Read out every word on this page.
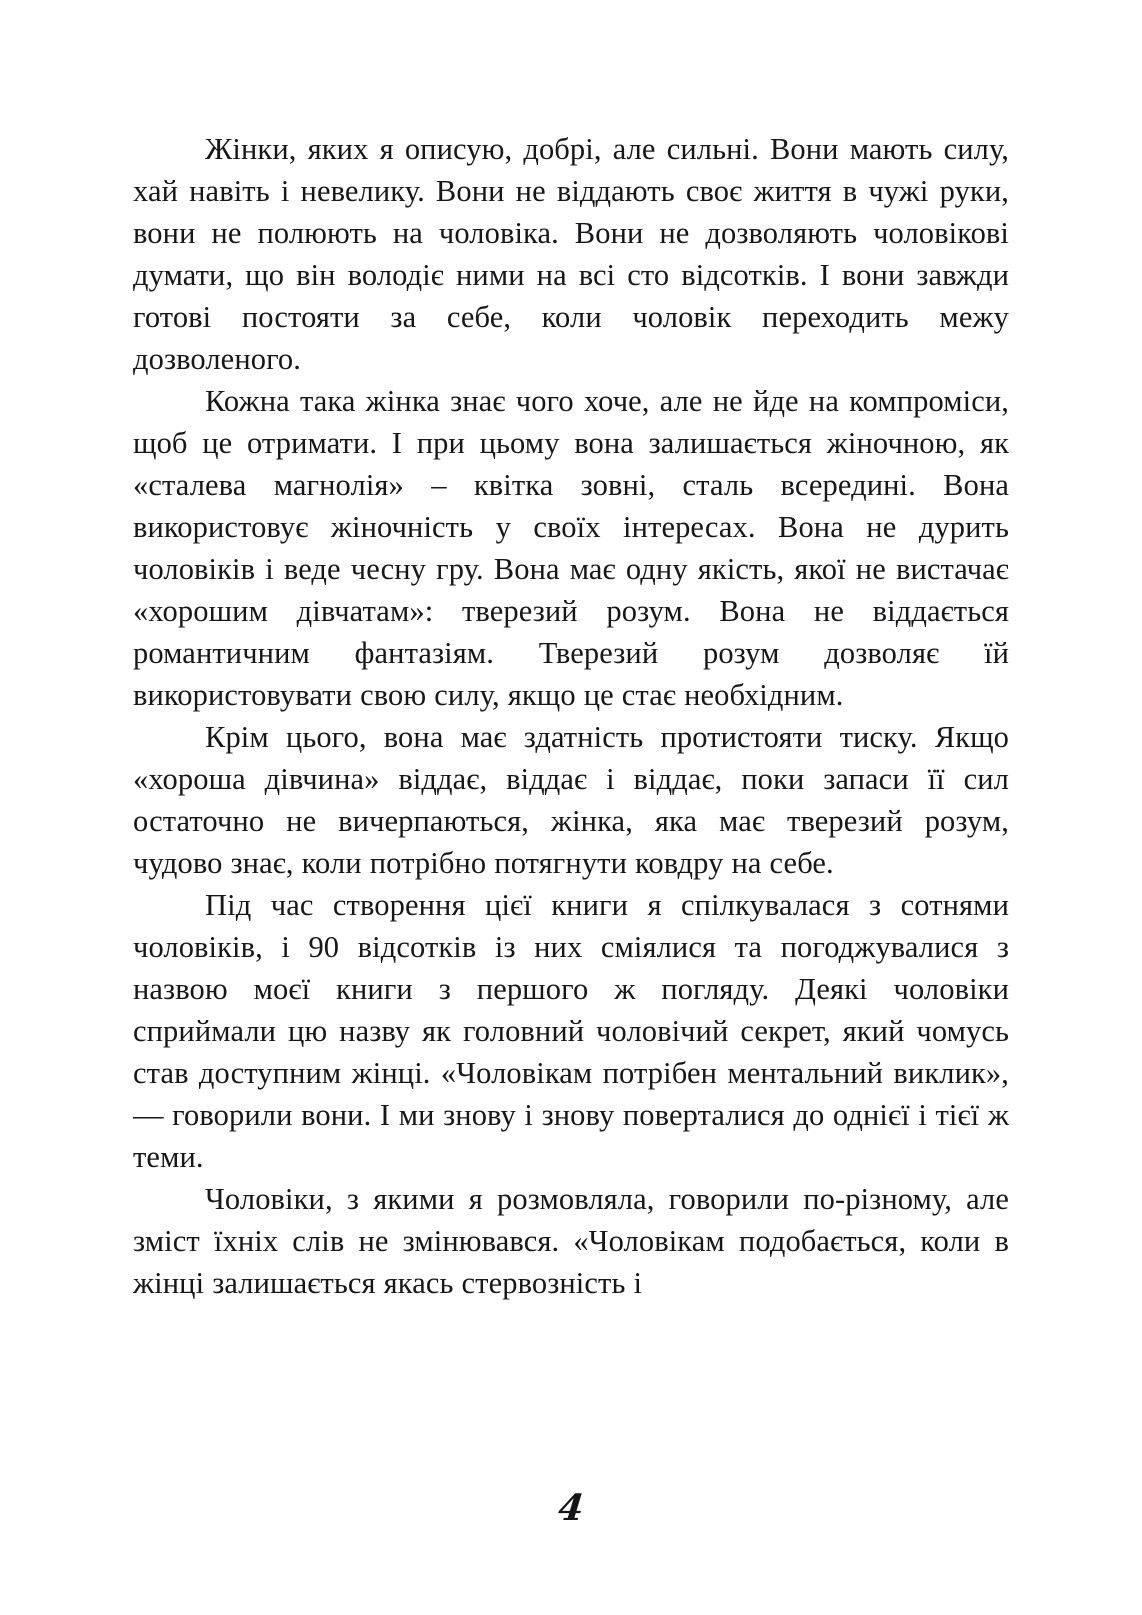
Жінки, яких я описую, добрі, але сильні. Вони мають силу, хай навіть і невелику. Вони не віддають своє життя в чужі руки, вони не полюють на чоловіка. Вони не дозволяють чоловікові думати, що він володіє ними на всі сто відсотків. І вони завжди готові постояти за себе, коли чоловік переходить межу дозволеного.

Кожна така жінка знає чого хоче, але не йде на компроміси, щоб це отримати. І при цьому вона залишається жіночною, як «сталева магнолія» – квітка зовні, сталь всередині. Вона використовує жіночність у своїх інтересах. Вона не дурить чоловіків і веде чесну гру. Вона має одну якість, якої не вистачає «хорошим дівчатам»: тверезий розум. Вона не віддається романтичним фантазіям. Тверезий розум дозволяє їй використовувати свою силу, якщо це стає необхідним.

Крім цього, вона має здатність протистояти тиску. Якщо «хороша дівчина» віддає, віддає і віддає, поки запаси її сил остаточно не вичерпаються, жінка, яка має тверезий розум, чудово знає, коли потрібно потягнути ковдру на себе.

Під час створення цієї книги я спілкувалася з сотнями чоловіків, і 90 відсотків із них сміялися та погоджувалися з назвою моєї книги з першого ж погляду. Деякі чоловіки сприймали цю назву як головний чоловічий секрет, який чомусь став доступним жінці. «Чоловікам потрібен ментальний виклик», — говорили вони. І ми знову і знову поверталися до однієї і тієї ж теми.

Чоловіки, з якими я розмовляла, говорили по-різному, але зміст їхніх слів не змінювався. «Чоловікам подобається, коли в жінці залишається якась стервозність і

4
